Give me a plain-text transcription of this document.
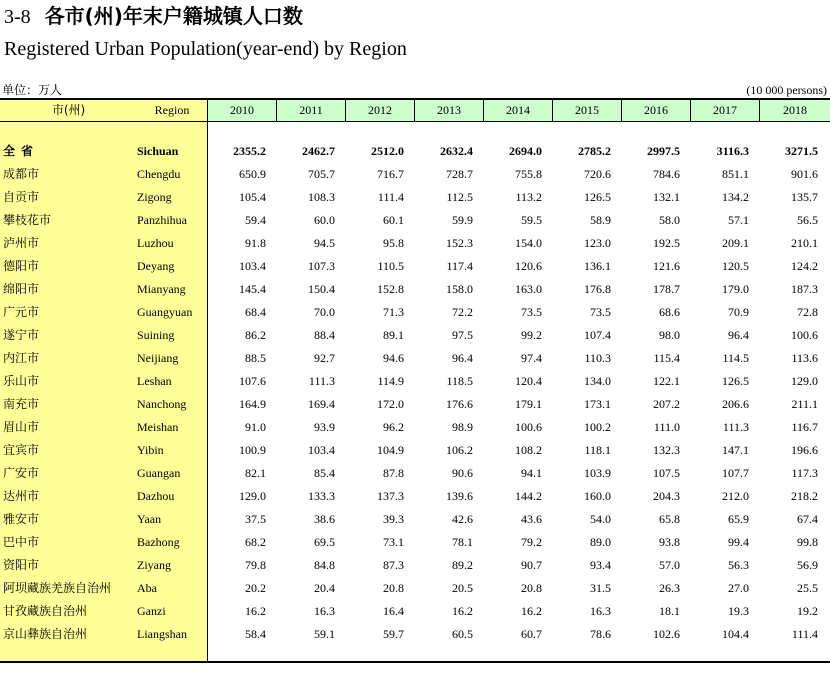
3-8 各市(州)年末户籍城镇人口数
Registered Urban Population(year-end) by Region
单位：万人	(10 000 persons)
市(州)	Region	2010	2011	2012	2013	2014	2015	2016	2017	2018
全省	Sichuan	2355.2	2462.7	2512.0	2632.4	2694.0	2785.2	2997.5	3116.3	3271.5
成都市	Chengdu	650.9	705.7	716.7	728.7	755.8	720.6	784.6	851.1	901.6
自贡市	Zigong	105.4	108.3	111.4	112.5	113.2	126.5	132.1	134.2	135.7
攀枝花市	Panzhihua	59.4	60.0	60.1	59.9	59.5	58.9	58.0	57.1	56.5
泸州市	Luzhou	91.8	94.5	95.8	152.3	154.0	123.0	192.5	209.1	210.1
德阳市	Deyang	103.4	107.3	110.5	117.4	120.6	136.1	121.6	120.5	124.2
绵阳市	Mianyang	145.4	150.4	152.8	158.0	163.0	176.8	178.7	179.0	187.3
广元市	Guangyuan	68.4	70.0	71.3	72.2	73.5	73.5	68.6	70.9	72.8
遂宁市	Suining	86.2	88.4	89.1	97.5	99.2	107.4	98.0	96.4	100.6
内江市	Neijiang	88.5	92.7	94.6	96.4	97.4	110.3	115.4	114.5	113.6
乐山市	Leshan	107.6	111.3	114.9	118.5	120.4	134.0	122.1	126.5	129.0
南充市	Nanchong	164.9	169.4	172.0	176.6	179.1	173.1	207.2	206.6	211.1
眉山市	Meishan	91.0	93.9	96.2	98.9	100.6	100.2	111.0	111.3	116.7
宜宾市	Yibin	100.9	103.4	104.9	106.2	108.2	118.1	132.3	147.1	196.6
广安市	Guangan	82.1	85.4	87.8	90.6	94.1	103.9	107.5	107.7	117.3
达州市	Dazhou	129.0	133.3	137.3	139.6	144.2	160.0	204.3	212.0	218.2
雅安市	Yaan	37.5	38.6	39.3	42.6	43.6	54.0	65.8	65.9	67.4
巴中市	Bazhong	68.2	69.5	73.1	78.1	79.2	89.0	93.8	99.4	99.8
资阳市	Ziyang	79.8	84.8	87.3	89.2	90.7	93.4	57.0	56.3	56.9
阿坝藏族羌族自治州 Aba	20.2	20.4	20.8	20.5	20.8	31.5	26.3	27.0	25.5
甘孜藏族自治州	Ganzi	16.2	16.3	16.4	16.2	16.2	16.3	18.1	19.3	19.2
京山彝族自治州	Liangshan	58.4	59.1	59.7	60.5	60.7	78.6	102.6	104.4	111.4
